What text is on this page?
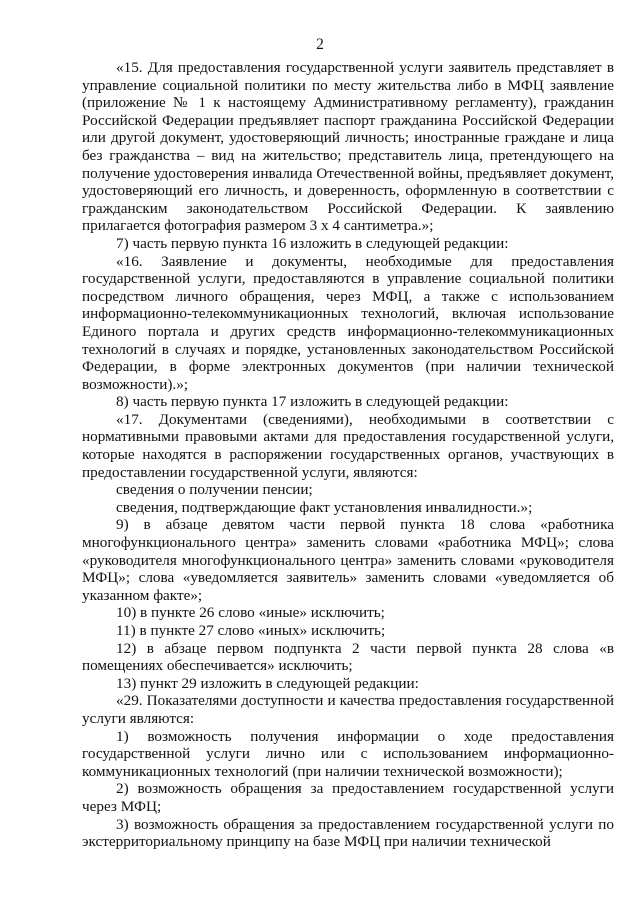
2

«15. Для предоставления государственной услуги заявитель представляет в управление социальной политики по месту жительства либо в МФЦ заявление (приложение № 1 к настоящему Административному регламенту), гражданин Российской Федерации предъявляет паспорт гражданина Российской Федерации или другой документ, удостоверяющий личность; иностранные граждане и лица без гражданства – вид на жительство; представитель лица, претендующего на получение удостоверения инвалида Отечественной войны, предъявляет документ, удостоверяющий его личность, и доверенность, оформленную в соответствии с гражданским законодательством Российской Федерации. К заявлению прилагается фотография размером 3 x 4 сантиметра.»;

7) часть первую пункта 16 изложить в следующей редакции:

«16. Заявление и документы, необходимые для предоставления государственной услуги, предоставляются в управление социальной политики посредством личного обращения, через МФЦ, а также с использованием информационно-телекоммуникационных технологий, включая использование Единого портала и других средств информационно-телекоммуникационных технологий в случаях и порядке, установленных законодательством Российской Федерации, в форме электронных документов (при наличии технической возможности).»;

8) часть первую пункта 17 изложить в следующей редакции:

«17. Документами (сведениями), необходимыми в соответствии с нормативными правовыми актами для предоставления государственной услуги, которые находятся в распоряжении государственных органов, участвующих в предоставлении государственной услуги, являются:

сведения о получении пенсии;

сведения, подтверждающие факт установления инвалидности.»;

9) в абзаце девятом части первой пункта 18 слова «работника многофункционального центра» заменить словами «работника МФЦ»; слова «руководителя многофункционального центра» заменить словами «руководителя МФЦ»; слова «уведомляется заявитель» заменить словами «уведомляется об указанном факте»;

10) в пункте 26 слово «иные» исключить;

11) в пункте 27 слово «иных» исключить;

12) в абзаце первом подпункта 2 части первой пункта 28 слова «в помещениях обеспечивается» исключить;

13) пункт 29 изложить в следующей редакции:

«29. Показателями доступности и качества предоставления государственной услуги являются:

1) возможность получения информации о ходе предоставления государственной услуги лично или с использованием информационно-коммуникационных технологий (при наличии технической возможности);

2) возможность обращения за предоставлением государственной услуги через МФЦ;

3) возможность обращения за предоставлением государственной услуги по экстерриториальному принципу на базе МФЦ при наличии технической
